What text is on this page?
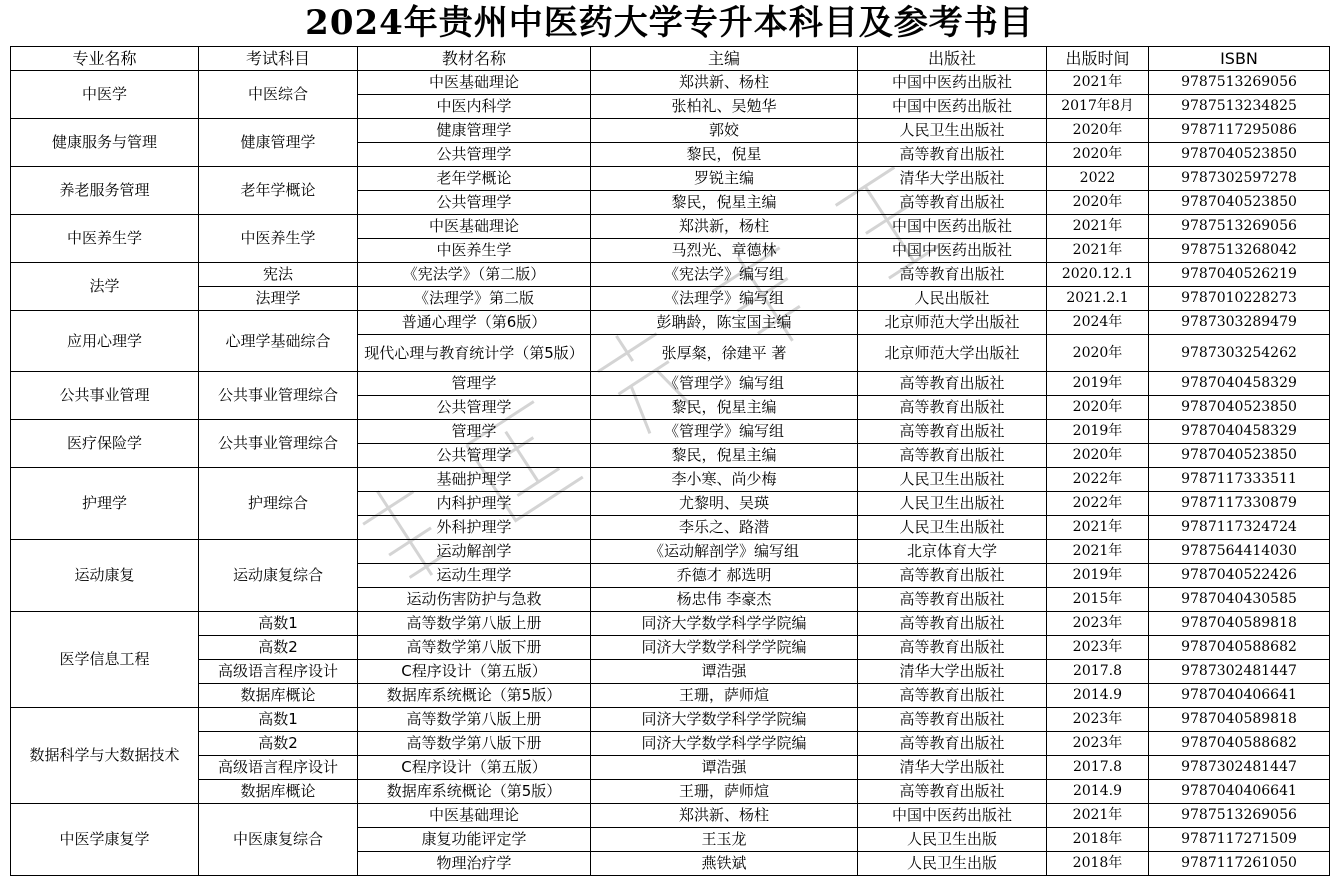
2024年贵州中医药大学专升本科目及参考书目
专业名称	考试科目	教材名称	主编	出版社	出版时间	ISBN
中医学	中医综合	中医基础理论	郑洪新、杨柱	中国中医药出版社	2021年	9787513269056
		中医内科学	张柏礼、吴勉华	中国中医药出版社	2017年8月	9787513234825
健康服务与管理	健康管理学	健康管理学	郭姣	人民卫生出版社	2020年	9787117295086
		公共管理学	黎民，倪星	高等教育出版社	2020年	9787040523850
养老服务管理	老年学概论	老年学概论	罗锐主编	清华大学出版社	2022	9787302597278
		公共管理学	黎民，倪星主编	高等教育出版社	2020年	9787040523850
中医养生学	中医养生学	中医基础理论	郑洪新，杨柱	中国中医药出版社	2021年	9787513269056
		中医养生学	马烈光、章德林	中国中医药出版社	2021年	9787513268042
法学	宪法	《宪法学》（第二版）	《宪法学》编写组	高等教育出版社	2020.12.1	9787040526219
	法理学	《法理学》第二版	《法理学》编写组	人民出版社	2021.2.1	9787010228273
应用心理学	心理学基础综合	普通心理学（第6版）	彭聃龄，陈宝国主编	北京师范大学出版社	2024年	9787303289479
		现代心理与教育统计学（第5版）	张厚粲，徐建平 著	北京师范大学出版社	2020年	9787303254262
公共事业管理	公共事业管理综合	管理学	《管理学》编写组	高等教育出版社	2019年	9787040458329
		公共管理学	黎民，倪星主编	高等教育出版社	2020年	9787040523850
医疗保险学	公共事业管理综合	管理学	《管理学》编写组	高等教育出版社	2019年	9787040458329
		公共管理学	黎民，倪星主编	高等教育出版社	2020年	9787040523850
护理学	护理综合	基础护理学	李小寒、尚少梅	人民卫生出版社	2022年	9787117333511
		内科护理学	尤黎明、吴瑛	人民卫生出版社	2022年	9787117330879
		外科护理学	李乐之、路潜	人民卫生出版社	2021年	9787117324724
运动康复	运动康复综合	运动解剖学	《运动解剖学》编写组	北京体育大学	2021年	9787564414030
		运动生理学	乔德才 郝选明	高等教育出版社	2019年	9787040522426
		运动伤害防护与急救	杨忠伟 李豪杰	高等教育出版社	2015年	9787040430585
医学信息工程	高数1	高等数学第八版上册	同济大学数学科学学院编	高等教育出版社	2023年	9787040589818
	高数2	高等数学第八版下册	同济大学数学科学学院编	高等教育出版社	2023年	9787040588682
	高级语言程序设计	C程序设计（第五版）	谭浩强	清华大学出版社	2017.8	9787302481447
	数据库概论	数据库系统概论（第5版）	王珊，萨师煊	高等教育出版社	2014.9	9787040406641
数据科学与大数据技术	高数1	高等数学第八版上册	同济大学数学科学学院编	高等教育出版社	2023年	9787040589818
	高数2	高等数学第八版下册	同济大学数学科学学院编	高等教育出版社	2023年	9787040588682
	高级语言程序设计	C程序设计（第五版）	谭浩强	清华大学出版社	2017.8	9787302481447
	数据库概论	数据库系统概论（第5版）	王珊，萨师煊	高等教育出版社	2014.9	9787040406641
中医学康复学	中医康复综合	中医基础理论	郑洪新、杨柱	中国中医药出版社	2021年	9787513269056
		康复功能评定学	王玉龙	人民卫生出版	2018年	9787117271509
		物理治疗学	燕铁斌	人民卫生出版	2018年	9787117261050
